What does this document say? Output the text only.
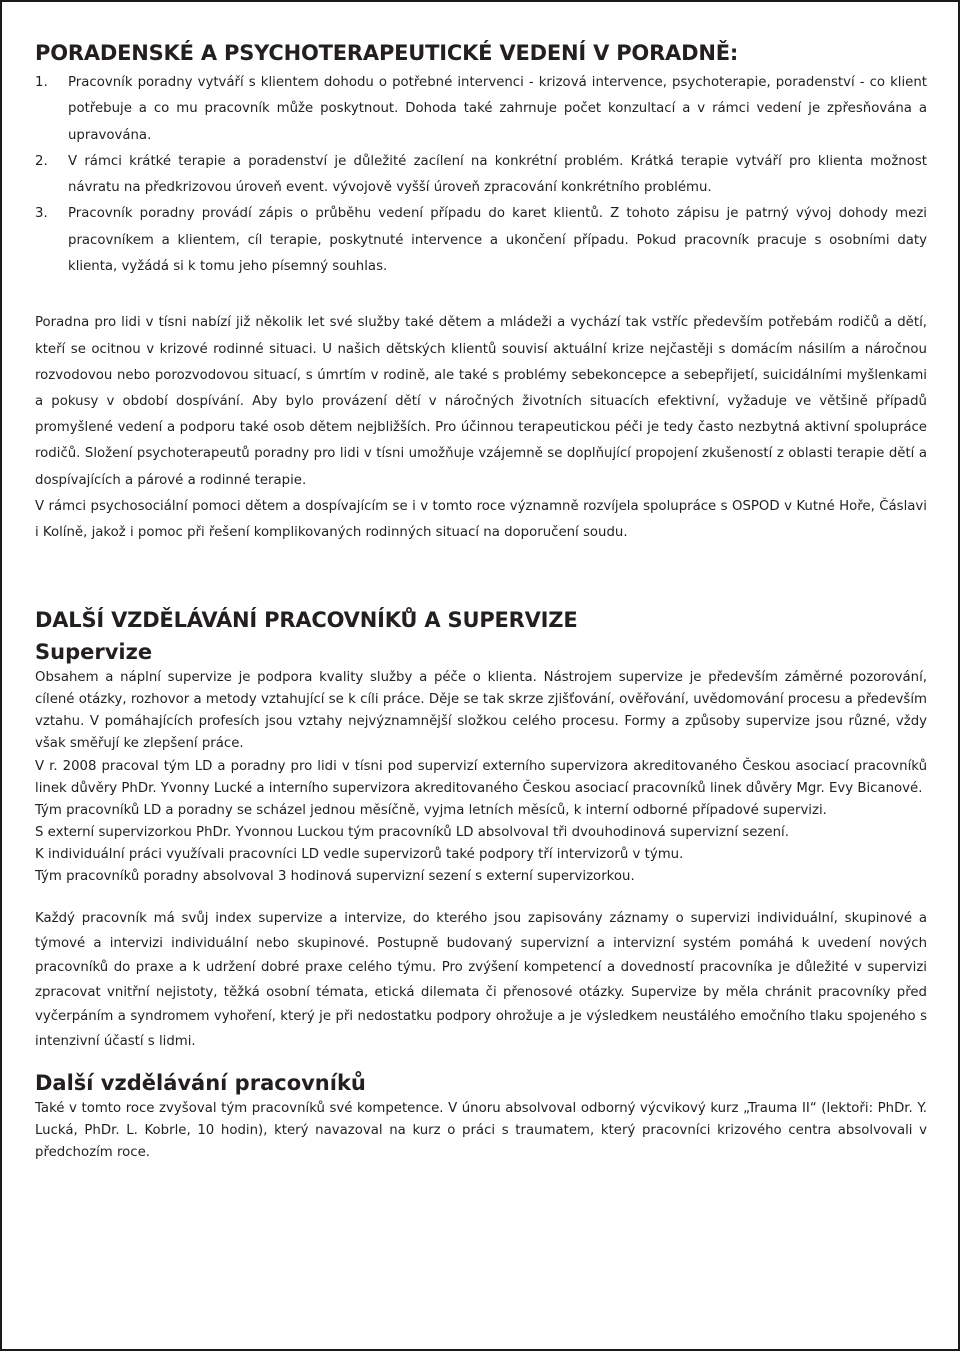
PORADENSKÉ A PSYCHOTERAPEUTICKÉ VEDENÍ V PORADNĚ:
1. Pracovník poradny vytváří s klientem dohodu o potřebné intervenci - krizová intervence, psychoterapie, poradenství - co klient potřebuje a co mu pracovník může poskytnout. Dohoda také zahrnuje počet konzultací a v rámci vedení je zpřesňována a upravována.
2. V rámci krátké terapie a poradenství je důležité zacílení na konkrétní problém. Krátká terapie vytváří pro klienta možnost návratu na předkrizovou úroveň event. vývojově vyšší úroveň zpracování konkrétního problému.
3. Pracovník poradny provádí zápis o průběhu vedení případu do karet klientů. Z tohoto zápisu je patrný vývoj dohody mezi pracovníkem a klientem, cíl terapie, poskytnuté intervence a ukončení případu. Pokud pracovník pracuje s osobními daty klienta, vyžádá si k tomu jeho písemný souhlas.

Poradna pro lidi v tísni nabízí již několik let své služby také dětem a mládeži a vychází tak vstříc především potřebám rodičů a dětí, kteří se ocitnou v krizové rodinné situaci. U našich dětských klientů souvisí aktuální krize nejčastěji s domácím násilím a náročnou rozvodovou nebo porozvodovou situací, s úmrtím v rodině, ale také s problémy sebekoncepce a sebepřijetí, suicidálními myšlenkami a pokusy v období dospívání. Aby bylo provázení dětí v náročných životních situacích efektivní, vyžaduje ve většině případů promyšlené vedení a podporu také osob dětem nejbližších. Pro účinnou terapeutickou péči je tedy často nezbytná aktivní spolupráce rodičů. Složení psychoterapeutů poradny pro lidi v tísni umožňuje vzájemně se doplňující propojení zkušeností z oblasti terapie dětí a dospívajících a párové a rodinné terapie.

V rámci psychosociální pomoci dětem a dospívajícím se i v tomto roce významně rozvíjela spolupráce s OSPOD v Kutné Hoře, Čáslavi i Kolíně, jakož i pomoc při řešení komplikovaných rodinných situací na doporučení soudu.

DALŠÍ VZDĚLÁVÁNÍ PRACOVNÍKŮ A SUPERVIZE
Supervize

Obsahem a náplní supervize je podpora kvality služby a péče o klienta. Nástrojem supervize je především záměrné pozorování, cílené otázky, rozhovor a metody vztahující se k cíli práce. Děje se tak skrze zjišťování, ověřování, uvědomování procesu a především vztahu. V pomáhajících profesích jsou vztahy nejvýznamnější složkou celého procesu. Formy a způsoby supervize jsou různé, vždy však směřují ke zlepšení práce.

V r. 2008 pracoval tým LD a poradny pro lidi v tísni pod supervizí externího supervizora akreditovaného Českou asociací pracovníků linek důvěry PhDr. Yvonny Lucké a interního supervizora akreditovaného Českou asociací pracovníků linek důvěry Mgr. Evy Bicanové.

Tým pracovníků LD a poradny se scházel jednou měsíčně, vyjma letních měsíců, k interní odborné případové supervizi.

S externí supervizorkou PhDr. Yvonnou Luckou tým pracovníků LD absolvoval tři dvouhodinová supervizní sezení.

K individuální práci využívali pracovníci LD vedle supervizorů také podpory tří intervizorů v týmu.

Tým pracovníků poradny absolvoval 3 hodinová supervizní sezení s externí supervizorkou.

Každý pracovník má svůj index supervize a intervize, do kterého jsou zapisovány záznamy o supervizi individuální, skupinové a týmové a intervizi individuální nebo skupinové. Postupně budovaný supervizní a intervizní systém pomáhá k uvedení nových pracovníků do praxe a k udržení dobré praxe celého týmu. Pro zvýšení kompetencí a dovedností pracovníka je důležité v supervizi zpracovat vnitřní nejistoty, těžká osobní témata, etická dilemata či přenosové otázky. Supervize by měla chránit pracovníky před vyčerpáním a syndromem vyhoření, který je při nedostatku podpory ohrožuje a je výsledkem neustálého emočního tlaku spojeného s intenzivní účastí s lidmi.

Další vzdělávání pracovníků

Také v tomto roce zvyšoval tým pracovníků své kompetence. V únoru absolvoval odborný výcvikový kurz „Trauma II“ (lektoři: PhDr. Y. Lucká, PhDr. L. Kobrle, 10 hodin), který navazoval na kurz o práci s traumatem, který pracovníci krizového centra absolvovali v předchozím roce.
